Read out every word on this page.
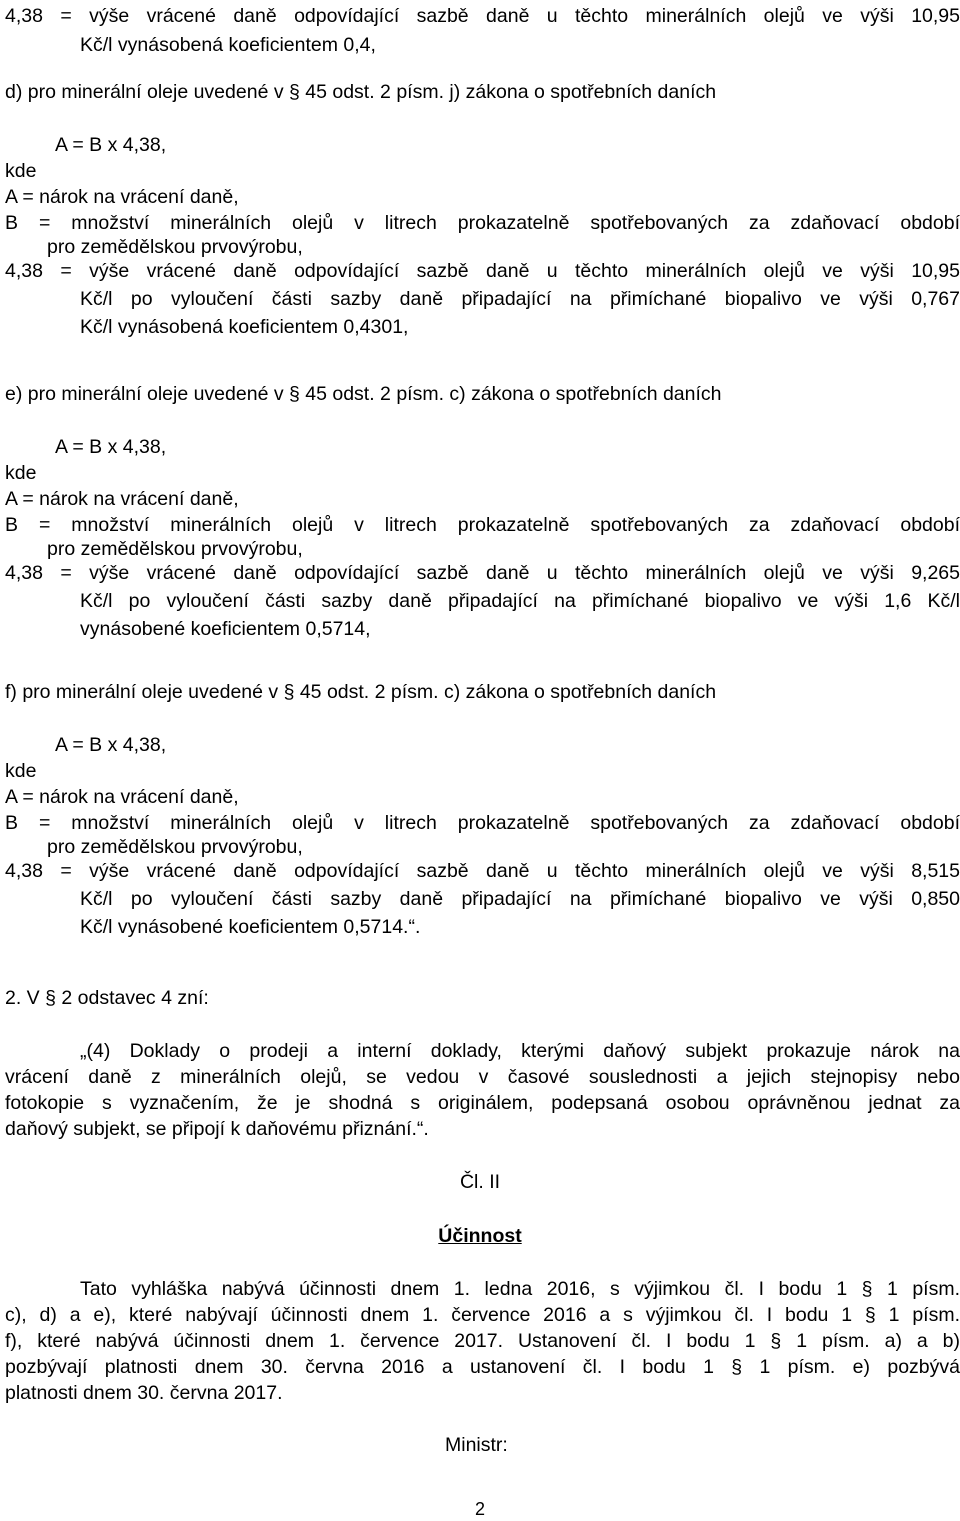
4,38 = výše vrácené daně odpovídající sazbě daně u těchto minerálních olejů ve výši 10,95
Kč/l vynásobená koeficientem 0,4,
d) pro minerální oleje uvedené v § 45 odst. 2 písm. j) zákona o spotřebních daních
A = B x 4,38,
kde
A = nárok na vrácení daně,
B = množství minerálních olejů v litrech prokazatelně spotřebovaných za zdaňovací období
pro zemědělskou prvovýrobu,
4,38 = výše vrácené daně odpovídající sazbě daně u těchto minerálních olejů ve výši 10,95
Kč/l po vyloučení části sazby daně připadající na přimíchané biopalivo ve výši 0,767
Kč/l vynásobená koeficientem 0,4301,
e) pro minerální oleje uvedené v § 45 odst. 2 písm. c) zákona o spotřebních daních
A = B x 4,38,
kde
A = nárok na vrácení daně,
B = množství minerálních olejů v litrech prokazatelně spotřebovaných za zdaňovací období
pro zemědělskou prvovýrobu,
4,38 = výše vrácené daně odpovídající sazbě daně u těchto minerálních olejů ve výši 9,265
Kč/l po vyloučení části sazby daně připadající na přimíchané biopalivo ve výši 1,6 Kč/l
vynásobené koeficientem 0,5714,
f) pro minerální oleje uvedené v § 45 odst. 2 písm. c) zákona o spotřebních daních
A = B x 4,38,
kde
A = nárok na vrácení daně,
B = množství minerálních olejů v litrech prokazatelně spotřebovaných za zdaňovací období
pro zemědělskou prvovýrobu,
4,38 = výše vrácené daně odpovídající sazbě daně u těchto minerálních olejů ve výši 8,515
Kč/l po vyloučení části sazby daně připadající na přimíchané biopalivo ve výši 0,850
Kč/l vynásobené koeficientem 0,5714.“.
2. V § 2 odstavec 4 zní:
„(4) Doklady o prodeji a interní doklady, kterými daňový subjekt prokazuje nárok na
vrácení daně z minerálních olejů, se vedou v časové souslednosti a jejich stejnopisy nebo
fotokopie s vyznačením, že je shodná s originálem, podepsaná osobou oprávněnou jednat za
daňový subjekt, se připojí k daňovému přiznání.“.
Čl. II
Účinnost
Tato vyhláška nabývá účinnosti dnem 1. ledna 2016, s výjimkou čl. I bodu 1 § 1 písm.
c), d) a e), které nabývají účinnosti dnem 1. července 2016 a s výjimkou čl. I bodu 1 § 1 písm.
f), které nabývá účinnosti dnem 1. července 2017. Ustanovení čl. I bodu 1 § 1 písm. a) a b)
pozbývají platnosti dnem 30. června 2016 a ustanovení čl. I bodu 1 § 1 písm. e) pozbývá
platnosti dnem 30. června 2017.
Ministr:
2
